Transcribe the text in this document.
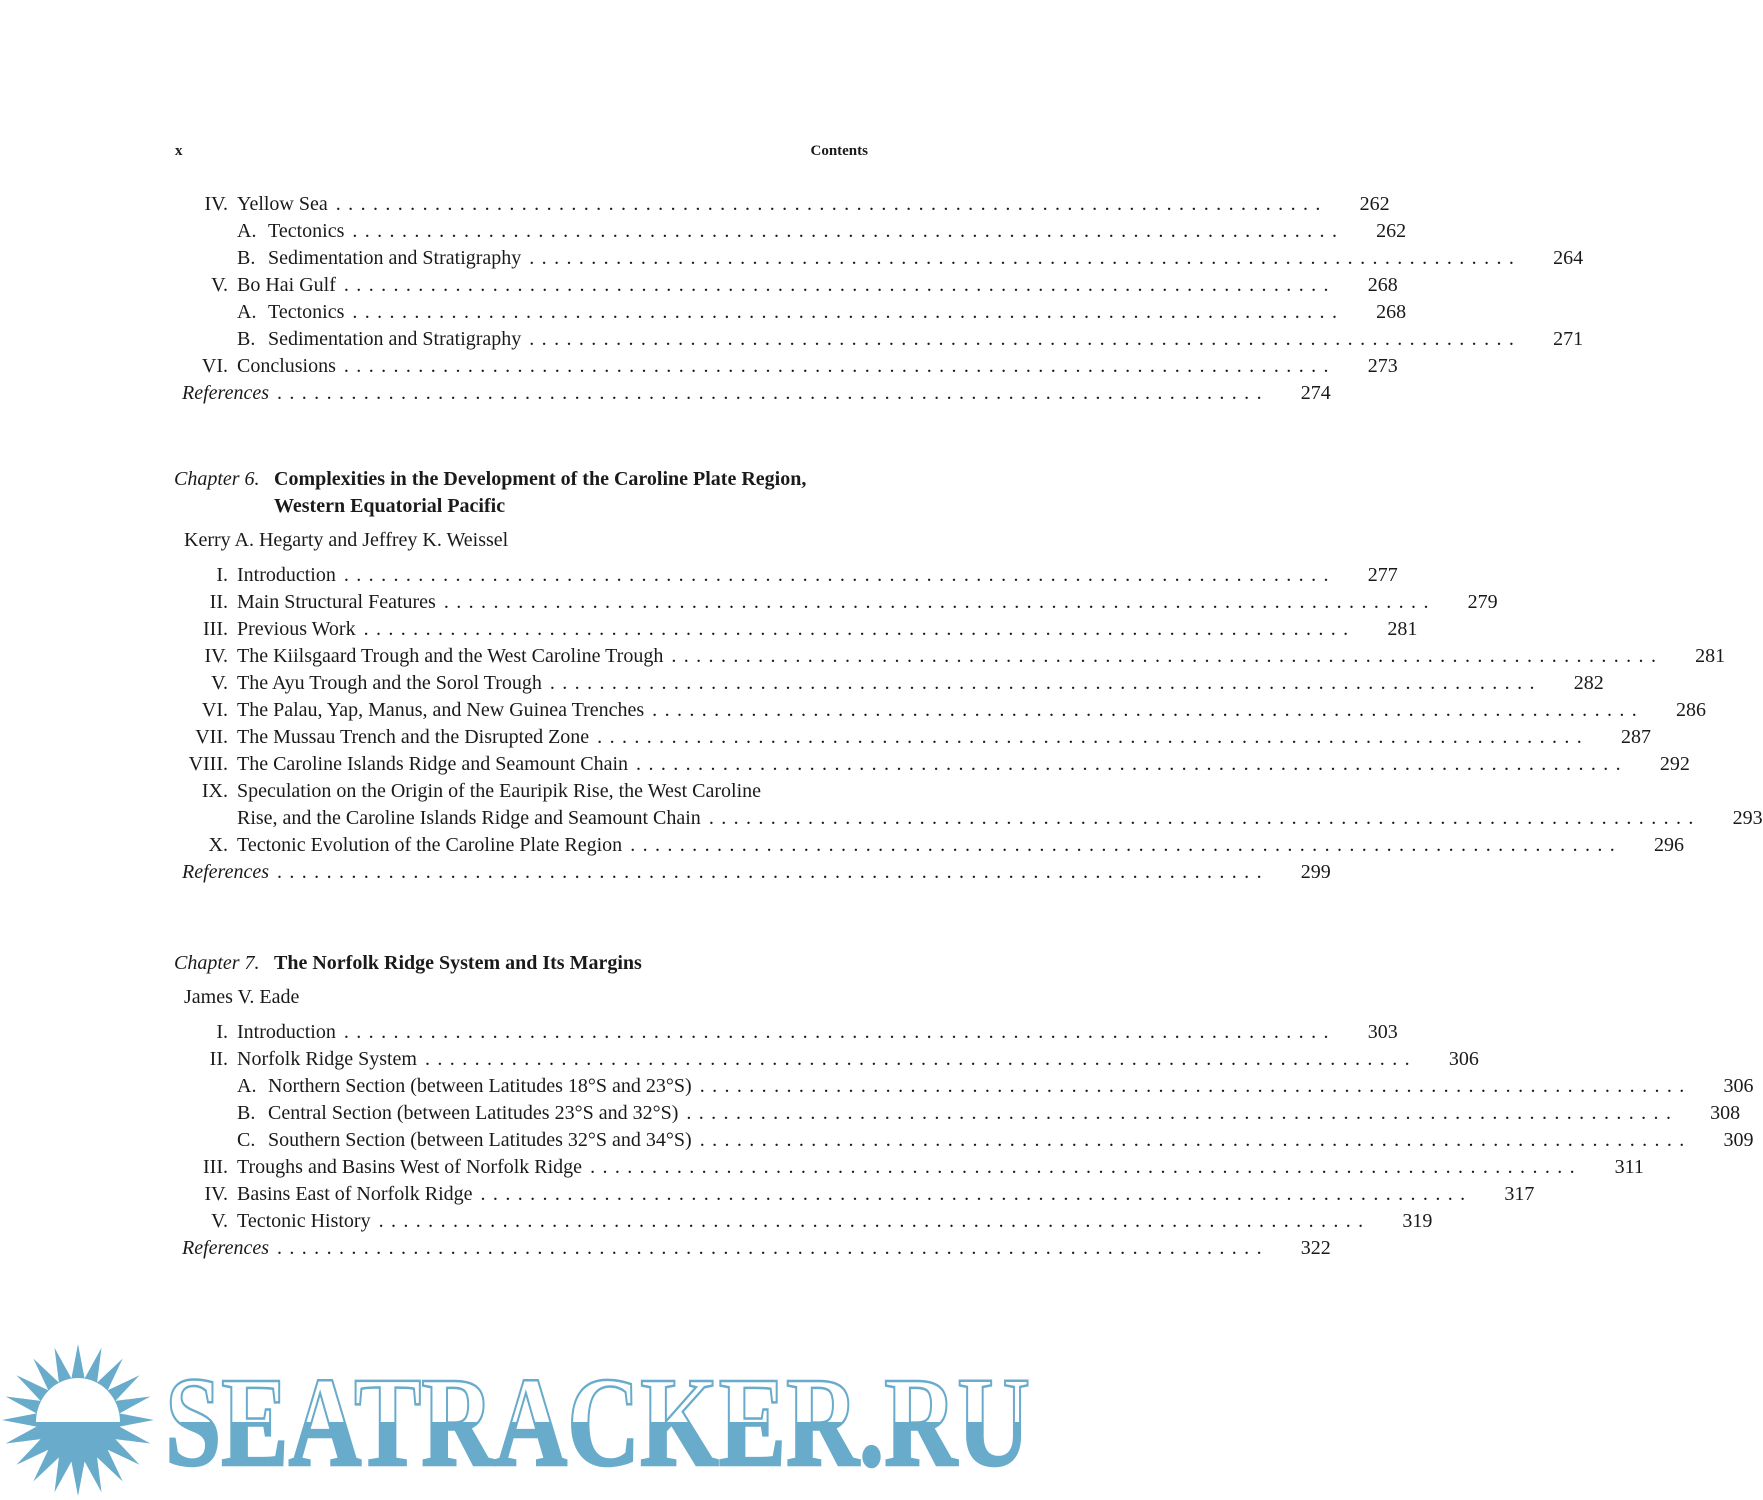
x	Contents
IV. Yellow Sea . . . . . . . . . . . . . . . . . . . . . . . . . . . . . . . . . . . . . . . . . . . . . . . . . . . . . . . . . . . . . . . . . . . . . . . . . . . . . . . .	262
A. Tectonics . . . . . . . . . . . . . . . . . . . . . . . . . . . . . . . . . . . . . . . . . . . . . . . . . . . . . . . . . . . . . . . . . . . . . . . . . . . . . . . .	262
B. Sedimentation and Stratigraphy . . . . . . . . . . . . . . . . . . . . . . . . . . . . . . . . . . . . . . . . . . . . . . . . . . . . . . . . . . . . . . . . . . . . . . . . . . . . . . . .	264
V. Bo Hai Gulf . . . . . . . . . . . . . . . . . . . . . . . . . . . . . . . . . . . . . . . . . . . . . . . . . . . . . . . . . . . . . . . . . . . . . . . . . . . . . . . .	268
A. Tectonics . . . . . . . . . . . . . . . . . . . . . . . . . . . . . . . . . . . . . . . . . . . . . . . . . . . . . . . . . . . . . . . . . . . . . . . . . . . . . . . .	268
B. Sedimentation and Stratigraphy . . . . . . . . . . . . . . . . . . . . . . . . . . . . . . . . . . . . . . . . . . . . . . . . . . . . . . . . . . . . . . . . . . . . . . . . . . . . . . . .	271
VI. Conclusions . . . . . . . . . . . . . . . . . . . . . . . . . . . . . . . . . . . . . . . . . . . . . . . . . . . . . . . . . . . . . . . . . . . . . . . . . . . . . . . .	273
References . . . . . . . . . . . . . . . . . . . . . . . . . . . . . . . . . . . . . . . . . . . . . . . . . . . . . . . . . . . . . . . . . . . . . . . . . . . . . . . .	274
Chapter 6. Complexities in the Development of the Caroline Plate Region,
Western Equatorial Pacific
Kerry A. Hegarty and Jeffrey K. Weissel
I. Introduction . . . . . . . . . . . . . . . . . . . . . . . . . . . . . . . . . . . . . . . . . . . . . . . . . . . . . . . . . . . . . . . . . . . . . . . . . . . . . . . .	277
II. Main Structural Features . . . . . . . . . . . . . . . . . . . . . . . . . . . . . . . . . . . . . . . . . . . . . . . . . . . . . . . . . . . . . . . . . . . . . . . . . . . . . . . .	279
III. Previous Work . . . . . . . . . . . . . . . . . . . . . . . . . . . . . . . . . . . . . . . . . . . . . . . . . . . . . . . . . . . . . . . . . . . . . . . . . . . . . . . .	281
IV. The Kiilsgaard Trough and the West Caroline Trough . . . . . . . . . . . . . . . . . . . . . . . . . . . . . . . . . . . . . . . . . . . . . . . . . . . . . . . . . . . . . . . . . . . . . . . . . . . . . . . .	281
V. The Ayu Trough and the Sorol Trough . . . . . . . . . . . . . . . . . . . . . . . . . . . . . . . . . . . . . . . . . . . . . . . . . . . . . . . . . . . . . . . . . . . . . . . . . . . . . . . .	282
VI. The Palau, Yap, Manus, and New Guinea Trenches . . . . . . . . . . . . . . . . . . . . . . . . . . . . . . . . . . . . . . . . . . . . . . . . . . . . . . . . . . . . . . . . . . . . . . . . . . . . . . . .	286
VII. The Mussau Trench and the Disrupted Zone . . . . . . . . . . . . . . . . . . . . . . . . . . . . . . . . . . . . . . . . . . . . . . . . . . . . . . . . . . . . . . . . . . . . . . . . . . . . . . . .	287
VIII. The Caroline Islands Ridge and Seamount Chain . . . . . . . . . . . . . . . . . . . . . . . . . . . . . . . . . . . . . . . . . . . . . . . . . . . . . . . . . . . . . . . . . . . . . . . . . . . . . . . .	292
IX. Speculation on the Origin of the Eauripik Rise, the West Caroline
Rise, and the Caroline Islands Ridge and Seamount Chain . . . . . . . . . . . . . . . . . . . . . . . . . . . . . . . . . . . . . . . . . . . . . . . . . . . . . . . . . . . . . . . . . . . . . . . . . . . . . . . .	293
X. Tectonic Evolution of the Caroline Plate Region . . . . . . . . . . . . . . . . . . . . . . . . . . . . . . . . . . . . . . . . . . . . . . . . . . . . . . . . . . . . . . . . . . . . . . . . . . . . . . . .	296
References . . . . . . . . . . . . . . . . . . . . . . . . . . . . . . . . . . . . . . . . . . . . . . . . . . . . . . . . . . . . . . . . . . . . . . . . . . . . . . . .	299
Chapter 7. The Norfolk Ridge System and Its Margins
James V. Eade
I. Introduction . . . . . . . . . . . . . . . . . . . . . . . . . . . . . . . . . . . . . . . . . . . . . . . . . . . . . . . . . . . . . . . . . . . . . . . . . . . . . . . .	303
II. Norfolk Ridge System . . . . . . . . . . . . . . . . . . . . . . . . . . . . . . . . . . . . . . . . . . . . . . . . . . . . . . . . . . . . . . . . . . . . . . . . . . . . . . . .	306
A. Northern Section (between Latitudes 18°S and 23°S) . . . . . . . . . . . . . . . . . . . . . . . . . . . . . . . . . . . . . . . . . . . . . . . . . . . . . . . . . . . . . . . . . . . . . . . . . . . . . . . .	306
B. Central Section (between Latitudes 23°S and 32°S) . . . . . . . . . . . . . . . . . . . . . . . . . . . . . . . . . . . . . . . . . . . . . . . . . . . . . . . . . . . . . . . . . . . . . . . . . . . . . . . .	308
C. Southern Section (between Latitudes 32°S and 34°S) . . . . . . . . . . . . . . . . . . . . . . . . . . . . . . . . . . . . . . . . . . . . . . . . . . . . . . . . . . . . . . . . . . . . . . . . . . . . . . . .	309
III. Troughs and Basins West of Norfolk Ridge . . . . . . . . . . . . . . . . . . . . . . . . . . . . . . . . . . . . . . . . . . . . . . . . . . . . . . . . . . . . . . . . . . . . . . . . . . . . . . . .	311
IV. Basins East of Norfolk Ridge . . . . . . . . . . . . . . . . . . . . . . . . . . . . . . . . . . . . . . . . . . . . . . . . . . . . . . . . . . . . . . . . . . . . . . . . . . . . . . . .	317
V. Tectonic History . . . . . . . . . . . . . . . . . . . . . . . . . . . . . . . . . . . . . . . . . . . . . . . . . . . . . . . . . . . . . . . . . . . . . . . . . . . . . . . .	319
References . . . . . . . . . . . . . . . . . . . . . . . . . . . . . . . . . . . . . . . . . . . . . . . . . . . . . . . . . . . . . . . . . . . . . . . . . . . . . . . .	322
SEATRACKER.RU
